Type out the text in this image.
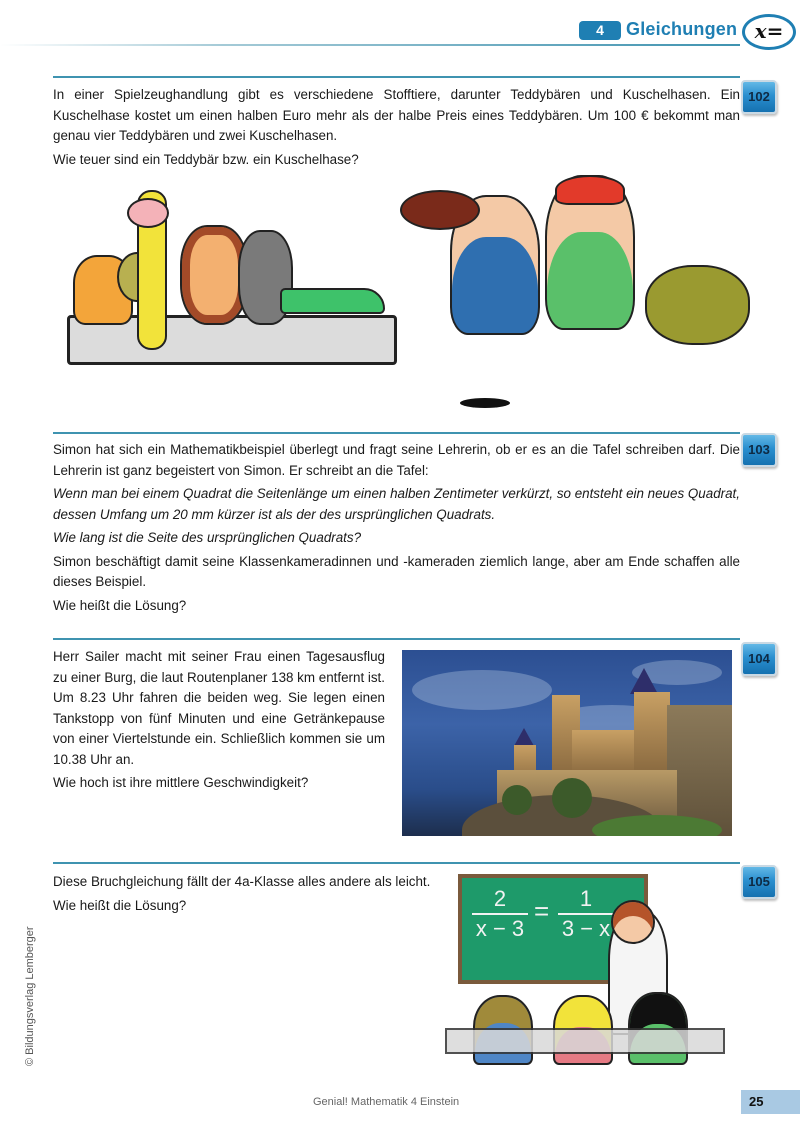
4	Gleichungen x=
102

In einer Spielzeughandlung gibt es verschiedene Stofftiere, darunter Teddybären und Kuschelhasen. Ein Kuschelhase kostet um einen halben Euro mehr als der halbe Preis eines Teddybären. Um 100 € bekommt man genau vier Teddybären und zwei Kuschelhasen.

Wie teuer sind ein Teddybär bzw. ein Kuschelhase?

103

Simon hat sich ein Mathematikbeispiel überlegt und fragt seine Lehrerin, ob er es an die Tafel schreiben darf. Die Lehrerin ist ganz begeistert von Simon. Er schreibt an die Tafel:

Wenn man bei einem Quadrat die Seitenlänge um einen halben Zentimeter verkürzt, so entsteht ein neues Quadrat, dessen Umfang um 20 mm kürzer ist als der des ursprünglichen Quadrats.

Wie lang ist die Seite des ursprünglichen Quadrats?

Simon beschäftigt damit seine Klassenkameradinnen und -kameraden ziemlich lange, aber am Ende schaffen alle dieses Beispiel.

Wie heißt die Lösung?

104

Herr Sailer macht mit seiner Frau einen Tagesausflug zu einer Burg, die laut Routenplaner 138 km entfernt ist. Um 8.23 Uhr fahren die beiden weg. Sie legen einen Tankstopp von fünf Minuten und eine Getränkepause von einer Viertelstunde ein. Schließlich kommen sie um 10.38 Uhr an.

Wie hoch ist ihre mittlere Geschwindigkeit?

105

Diese Bruchgleichung fällt der 4a-Klasse alles andere als leicht.

Wie heißt die Lösung?	2
x − 3
=	1
3 − x
© Bildungsverlag Lemberger
Genial! Mathematik 4 Einstein	25
